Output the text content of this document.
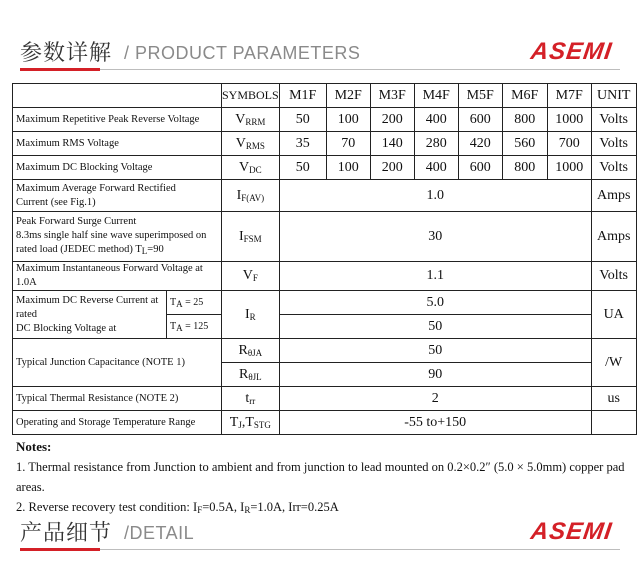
参数详解 / PRODUCT PARAMETERS	ASEMI
		SYMBOLS	M1F	M2F	M3F	M4F	M5F	M6F	M7F	UNIT
Maximum Repetitive Peak Reverse Voltage		$V_{RRM}$	50	100	200	400	600	800	1000	Volts
Maximum RMS Voltage		$V_{RMS}$	35	70	140	280	420	560	700	Volts
Maximum DC Blocking Voltage		$V_{DC}$	50	100	200	400	600	800	1000	Volts
Maximum Average Forward Rectified
Current (see Fig.1)		$I_{F(AV)}$	1.0							Amps
Peak Forward Surge Current
8.3ms single half sine wave superimposed on
rated load (JEDEC method) $T_L=90$		$I_{FSM}$	30							Amps
Maximum Instantaneous Forward Voltage at 1.0A		$V_F$	1.1							Volts
Maximum DC Reverse Current at rated
DC Blocking Voltage at	$T_A = 25$	$I_R$	5.0							UA
	$T_A = 125$		50							
Typical Junction Capacitance (NOTE 1)		$R_{\theta JA}$	50							/W
		$R_{\theta JL}$	90							
Typical Thermal Resistance (NOTE 2)		$t_{rr}$	2							us
Operating and Storage Temperature Range		$T_J,T_{STG}$	-55 to+150							
Notes:
1. Thermal resistance from Junction to ambient and from junction to lead mounted on 0.2×0.2″ (5.0 × 5.0mm) copper pad areas.
2. Reverse recovery test condition: $I_F=0.5A$, $I_R=1.0A$, Irr=0.25A
产品细节 /DETAIL	ASEMI
